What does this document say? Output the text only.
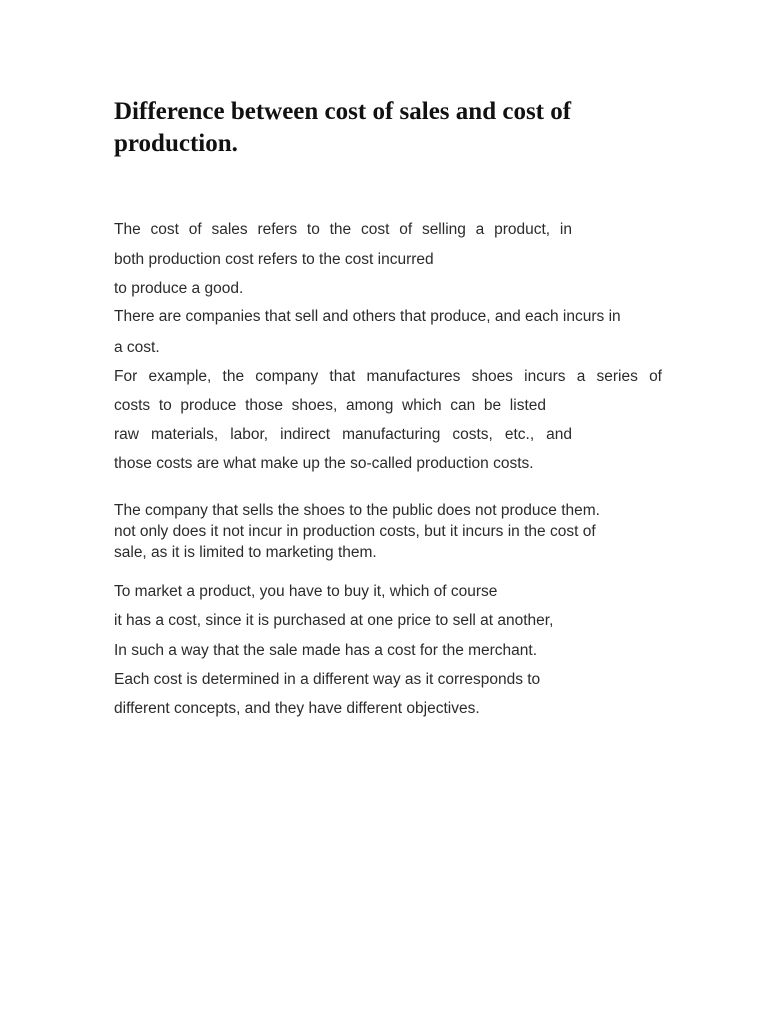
Difference between cost of sales and cost of production.
The cost of sales refers to the cost of selling a product, in
both production cost refers to the cost incurred
to produce a good.
There are companies that sell and others that produce, and each incurs in
a cost.
For example, the company that manufactures shoes incurs a series of
costs to produce those shoes, among which can be listed
raw materials, labor, indirect manufacturing costs, etc., and
those costs are what make up the so-called production costs.
The company that sells the shoes to the public does not produce them.
not only does it not incur in production costs, but it incurs in the cost of
sale, as it is limited to marketing them.
To market a product, you have to buy it, which of course
it has a cost, since it is purchased at one price to sell at another,
In such a way that the sale made has a cost for the merchant.
Each cost is determined in a different way as it corresponds to
different concepts, and they have different objectives.
